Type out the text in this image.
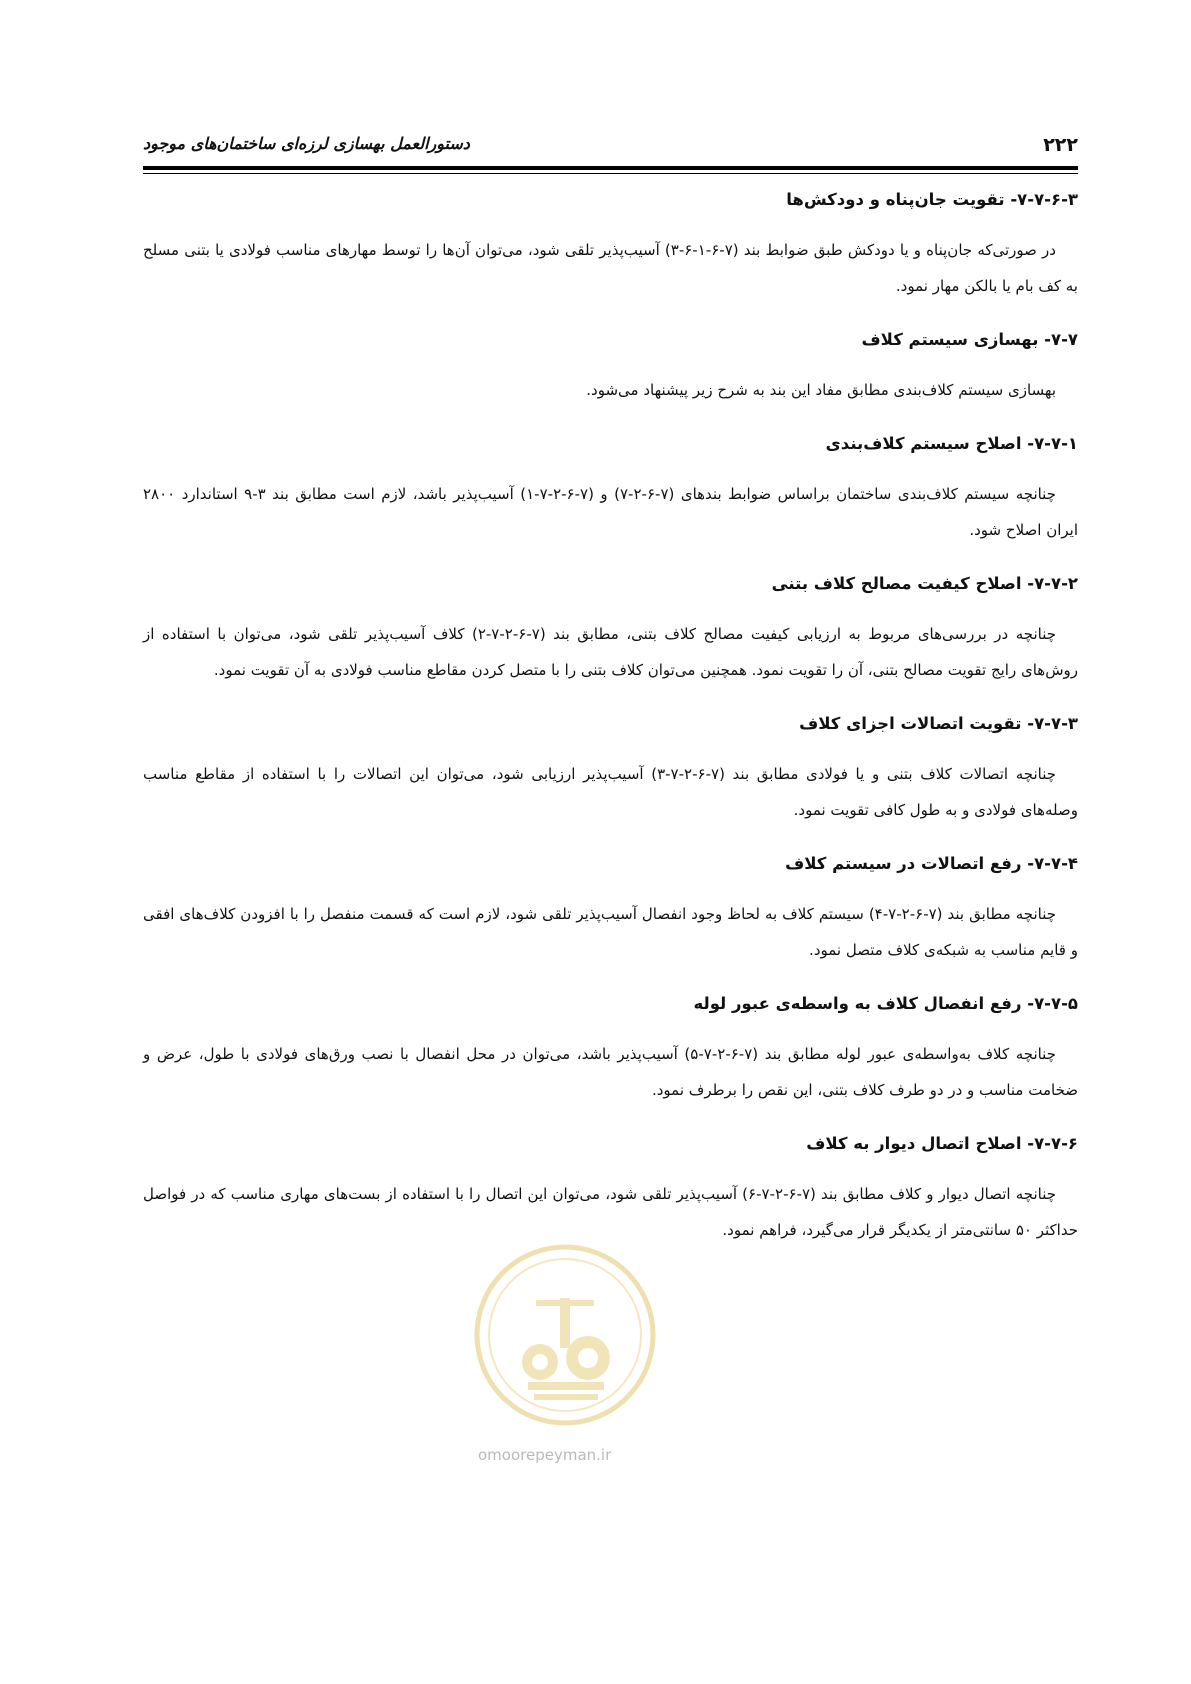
۲۲۲
دستورالعمل بهسازی لرزه‌ای ساختمان‌های موجود
۷-۷-۶-۳- تقویت جان‌پناه و دودکش‌ها

در صورتی‌که جان‌پناه و یا دودکش طبق ضوابط بند (۷-۶-۱-۶-۳) آسیب‌پذیر تلقی شود، می‌توان آن‌ها را توسط مهارهای مناسب فولادی یا بتنی مسلح به کف بام یا بالکن مهار نمود.

۷-۷- بهسازی سیستم کلاف

بهسازی سیستم کلاف‌بندی مطابق مفاد این بند به شرح زیر پیشنهاد می‌شود.

۷-۷-۱- اصلاح سیستم کلاف‌بندی

چنانچه سیستم کلاف‌بندی ساختمان براساس ضوابط بندهای (۷-۶-۲-۷) و (۷-۶-۲-۷-۱) آسیب‌پذیر باشد، لازم است مطابق بند ۳-۹ استاندارد ۲۸۰۰ ایران اصلاح شود.

۷-۷-۲- اصلاح کیفیت مصالح کلاف بتنی

چنانچه در بررسی‌های مربوط به ارزیابی کیفیت مصالح کلاف بتنی، مطابق بند (۷-۶-۲-۷-۲) کلاف آسیب‌پذیر تلقی شود، می‌توان با استفاده از روش‌های رایج تقویت مصالح بتنی، آن را تقویت نمود. همچنین می‌توان کلاف بتنی را با متصل کردن مقاطع مناسب فولادی به آن تقویت نمود.

۷-۷-۳- تقویت اتصالات اجزای کلاف

چنانچه اتصالات کلاف بتنی و یا فولادی مطابق بند (۷-۶-۲-۷-۳) آسیب‌پذیر ارزیابی شود، می‌توان این اتصالات را با استفاده از مقاطع مناسب وصله‌های فولادی و به طول کافی تقویت نمود.

۷-۷-۴- رفع اتصالات در سیستم کلاف

چنانچه مطابق بند (۷-۶-۲-۷-۴) سیستم کلاف به لحاظ وجود انفصال آسیب‌پذیر تلقی شود، لازم است که قسمت منفصل را با افزودن کلاف‌های افقی و قایم مناسب به شبکه‌ی کلاف متصل نمود.

۷-۷-۵- رفع انفصال کلاف به واسطه‌ی عبور لوله

چنانچه کلاف به‌واسطه‌ی عبور لوله مطابق بند (۷-۶-۲-۷-۵) آسیب‌پذیر باشد، می‌توان در محل انفصال با نصب ورق‌های فولادی با طول، عرض و ضخامت مناسب و در دو طرف کلاف بتنی، این نقص را برطرف نمود.

۷-۷-۶- اصلاح اتصال دیوار به کلاف

چنانچه اتصال دیوار و کلاف مطابق بند (۷-۶-۲-۷-۶) آسیب‌پذیر تلقی شود، می‌توان این اتصال را با استفاده از بست‌های مهاری مناسب که در فواصل حداکثر ۵۰ سانتی‌متر از یکدیگر قرار می‌گیرد، فراهم نمود.

omoorepeyman.ir
